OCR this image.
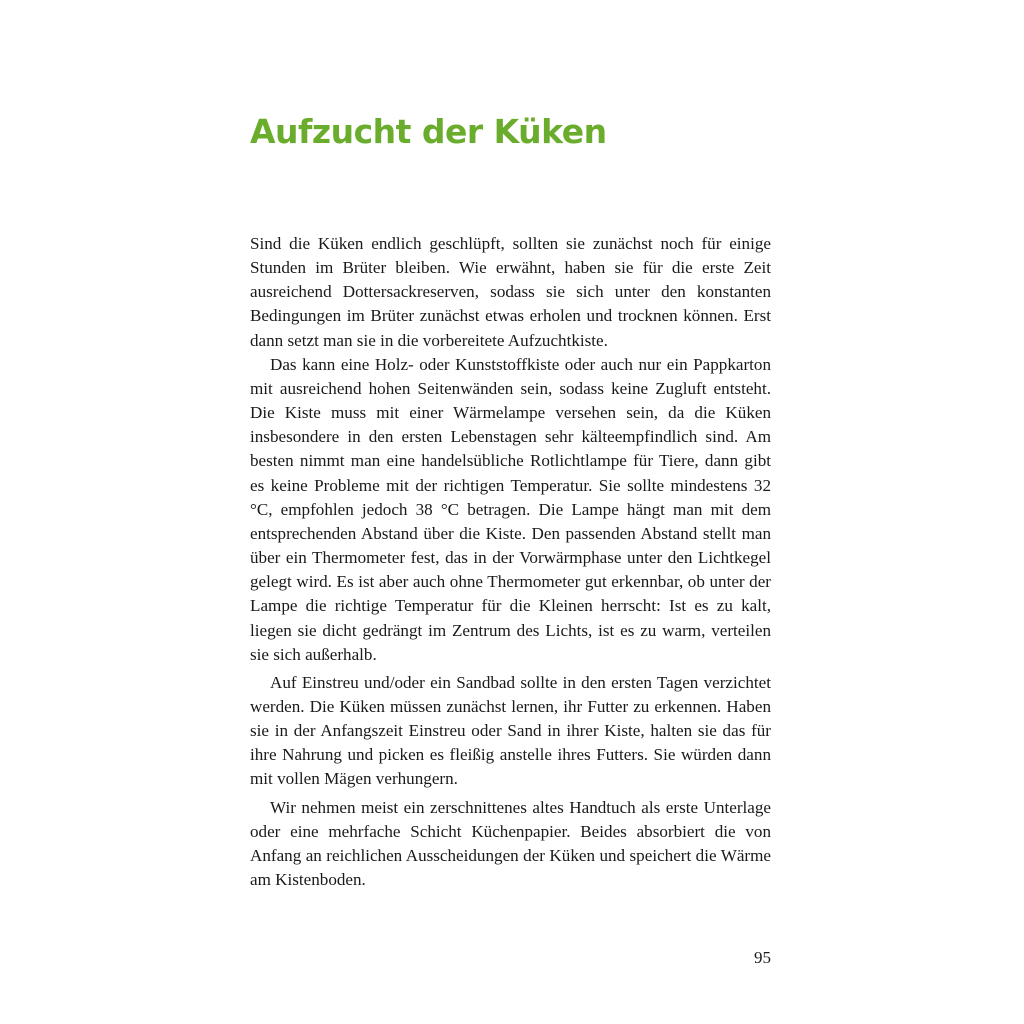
Aufzucht der Küken

Sind die Küken endlich geschlüpft, sollten sie zunächst noch für einige Stunden im Brüter bleiben. Wie erwähnt, haben sie für die erste Zeit ausreichend Dottersackreserven, sodass sie sich unter den konstanten Bedingungen im Brüter zunächst etwas erholen und trocknen können. Erst dann setzt man sie in die vorbereitete Aufzuchtkiste.

Das kann eine Holz- oder Kunststoffkiste oder auch nur ein Pappkarton mit ausreichend hohen Seitenwänden sein, sodass keine Zugluft entsteht. Die Kiste muss mit einer Wärmelampe versehen sein, da die Küken insbesondere in den ersten Lebenstagen sehr kälteempfindlich sind. Am besten nimmt man eine handelsübliche Rotlichtlampe für Tiere, dann gibt es keine Probleme mit der richtigen Temperatur. Sie sollte mindestens 32 °C, empfohlen jedoch 38 °C betragen. Die Lampe hängt man mit dem entsprechenden Abstand über die Kiste. Den passenden Abstand stellt man über ein Thermometer fest, das in der Vorwärmphase unter den Lichtkegel gelegt wird. Es ist aber auch ohne Thermometer gut erkennbar, ob unter der Lampe die richtige Temperatur für die Kleinen herrscht: Ist es zu kalt, liegen sie dicht gedrängt im Zentrum des Lichts, ist es zu warm, verteilen sie sich außerhalb.

Auf Einstreu und/oder ein Sandbad sollte in den ersten Tagen verzichtet werden. Die Küken müssen zunächst lernen, ihr Futter zu erkennen. Haben sie in der Anfangszeit Einstreu oder Sand in ihrer Kiste, halten sie das für ihre Nahrung und picken es fleißig anstelle ihres Futters. Sie würden dann mit vollen Mägen verhungern.

Wir nehmen meist ein zerschnittenes altes Handtuch als erste Unterlage oder eine mehrfache Schicht Küchenpapier. Beides absorbiert die von Anfang an reichlichen Ausscheidungen der Küken und speichert die Wärme am Kistenboden.

95
